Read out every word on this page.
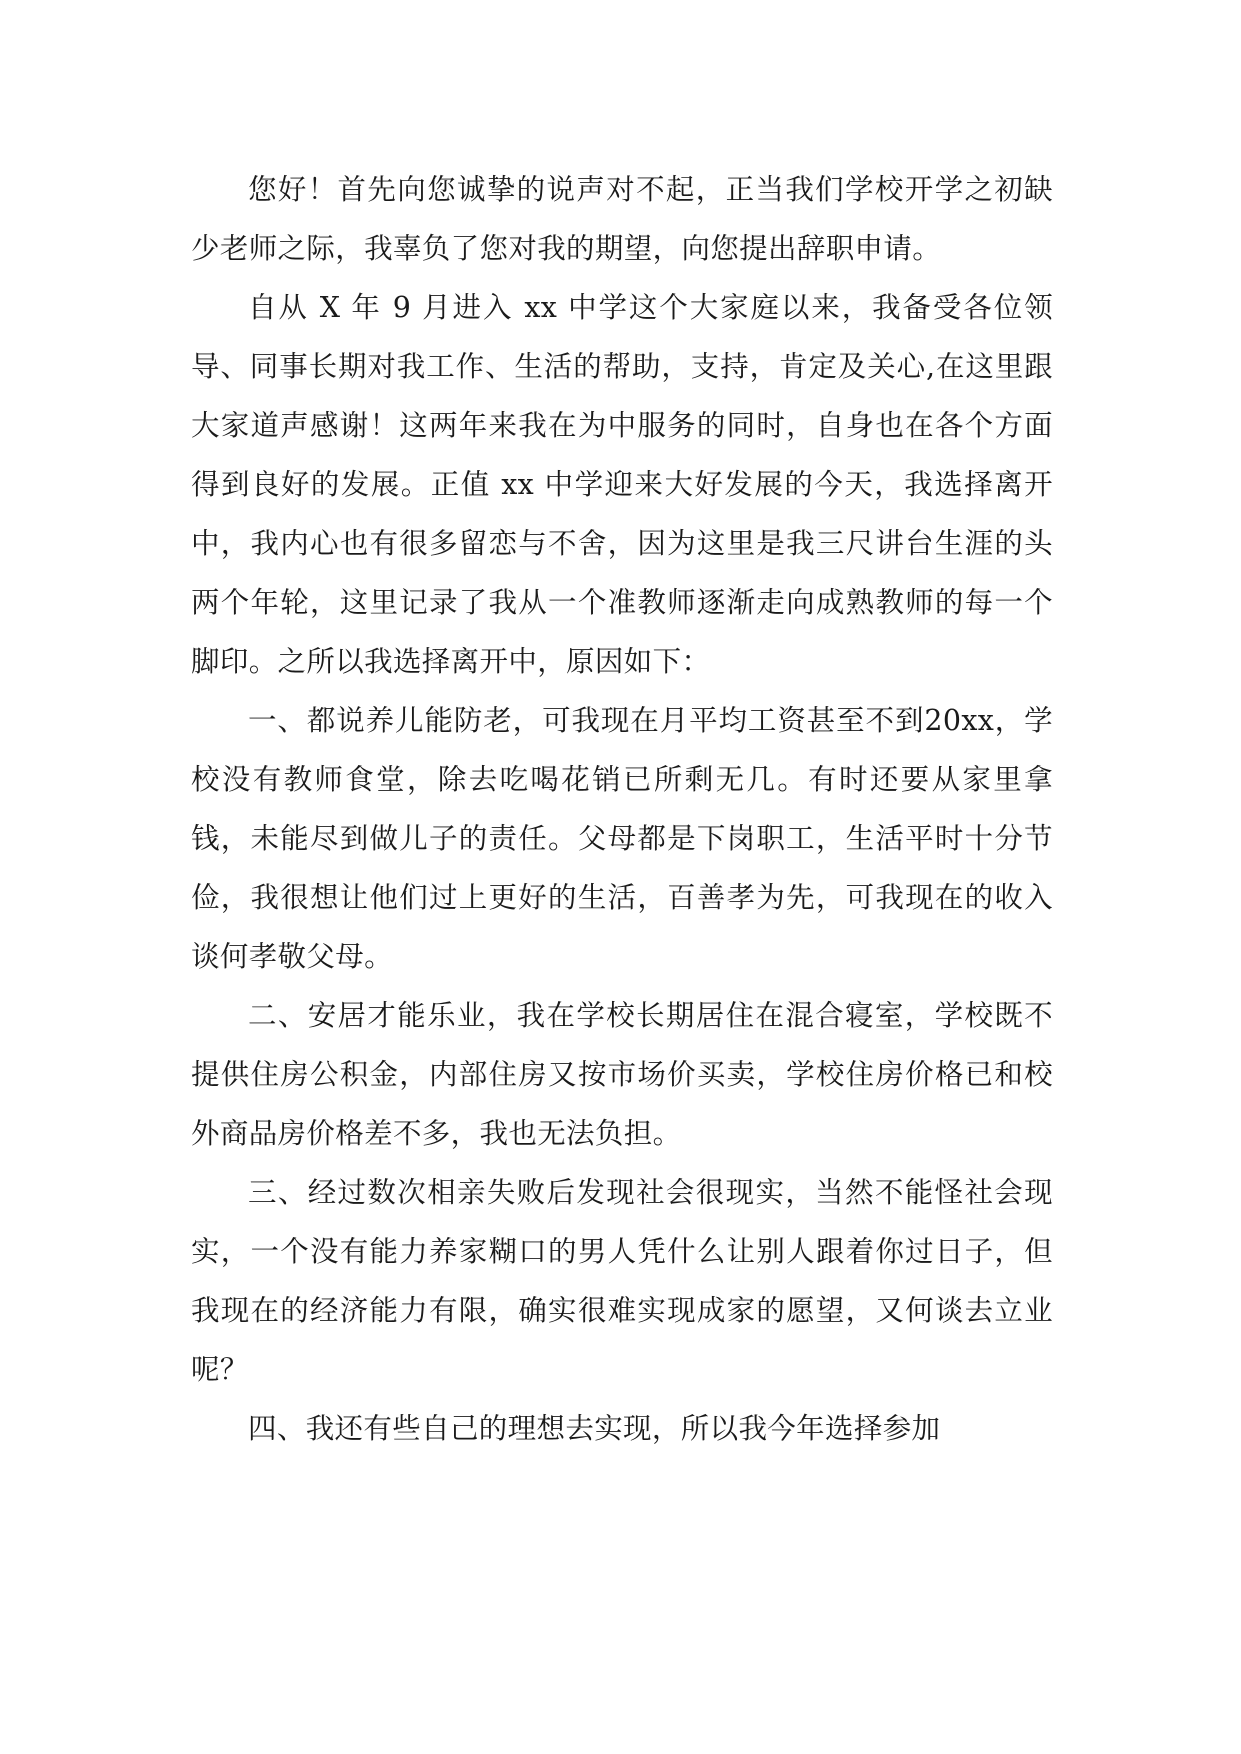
您好！首先向您诚挚的说声对不起，正当我们学校开学之初缺少老师之际，我辜负了您对我的期望，向您提出辞职申请。

自从 X 年 9 月进入 xx 中学这个大家庭以来，我备受各位领导、同事长期对我工作、生活的帮助，支持，肯定及关心,在这里跟大家道声感谢！这两年来我在为中服务的同时，自身也在各个方面得到良好的发展。正值 xx 中学迎来大好发展的今天，我选择离开中，我内心也有很多留恋与不舍，因为这里是我三尺讲台生涯的头两个年轮，这里记录了我从一个准教师逐渐走向成熟教师的每一个脚印。之所以我选择离开中，原因如下：

一、都说养儿能防老，可我现在月平均工资甚至不到20xx，学校没有教师食堂，除去吃喝花销已所剩无几。有时还要从家里拿钱，未能尽到做儿子的责任。父母都是下岗职工，生活平时十分节俭，我很想让他们过上更好的生活，百善孝为先，可我现在的收入谈何孝敬父母。

二、安居才能乐业，我在学校长期居住在混合寝室，学校既不提供住房公积金，内部住房又按市场价买卖，学校住房价格已和校外商品房价格差不多，我也无法负担。

三、经过数次相亲失败后发现社会很现实，当然不能怪社会现实，一个没有能力养家糊口的男人凭什么让别人跟着你过日子，但我现在的经济能力有限，确实很难实现成家的愿望，又何谈去立业呢？

四、我还有些自己的理想去实现，所以我今年选择参加
